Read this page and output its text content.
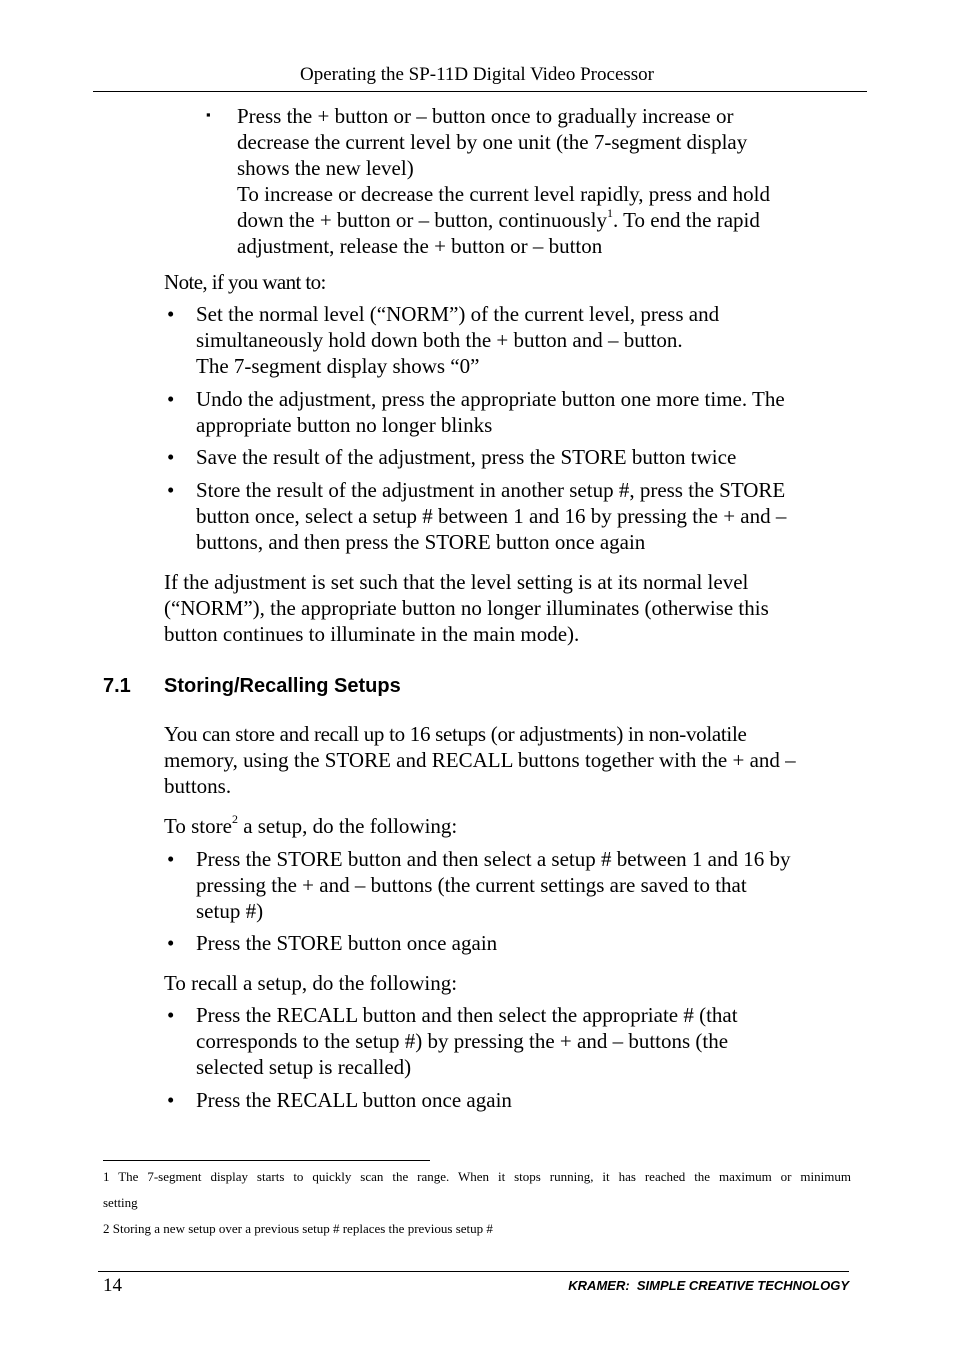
Operating the SP-11D Digital Video Processor
▪ Press the + button or – button once to gradually increase or
decrease the current level by one unit (the 7-segment display
shows the new level)
To increase or decrease the current level rapidly, press and hold
down the + button or – button, continuously$^1$. To end the rapid
adjustment, release the + button or – button
Note, if you want to:
• Set the normal level (“NORM”) of the current level, press and
simultaneously hold down both the + button and – button.
The 7-segment display shows “0”
• Undo the adjustment, press the appropriate button one more time. The
appropriate button no longer blinks
• Save the result of the adjustment, press the STORE button twice
• Store the result of the adjustment in another setup #, press the STORE
button once, select a setup # between 1 and 16 by pressing the + and –
buttons, and then press the STORE button once again
If the adjustment is set such that the level setting is at its normal level
(“NORM”), the appropriate button no longer illuminates (otherwise this
button continues to illuminate in the main mode).
7.1 Storing/Recalling Setups
You can store and recall up to 16 setups (or adjustments) in non-volatile
memory, using the STORE and RECALL buttons together with the + and –
buttons.
To store$^2$ a setup, do the following:
• Press the STORE button and then select a setup # between 1 and 16 by
pressing the + and – buttons (the current settings are saved to that
setup #)
• Press the STORE button once again
To recall a setup, do the following:
• Press the RECALL button and then select the appropriate # (that
corresponds to the setup #) by pressing the + and – buttons (the
selected setup is recalled)
• Press the RECALL button once again
1 The 7-segment display starts to quickly scan the range. When it stops running, it has reached the maximum or minimum
setting
2 Storing a new setup over a previous setup # replaces the previous setup #
14	KRAMER:  SIMPLE CREATIVE TECHNOLOGY
